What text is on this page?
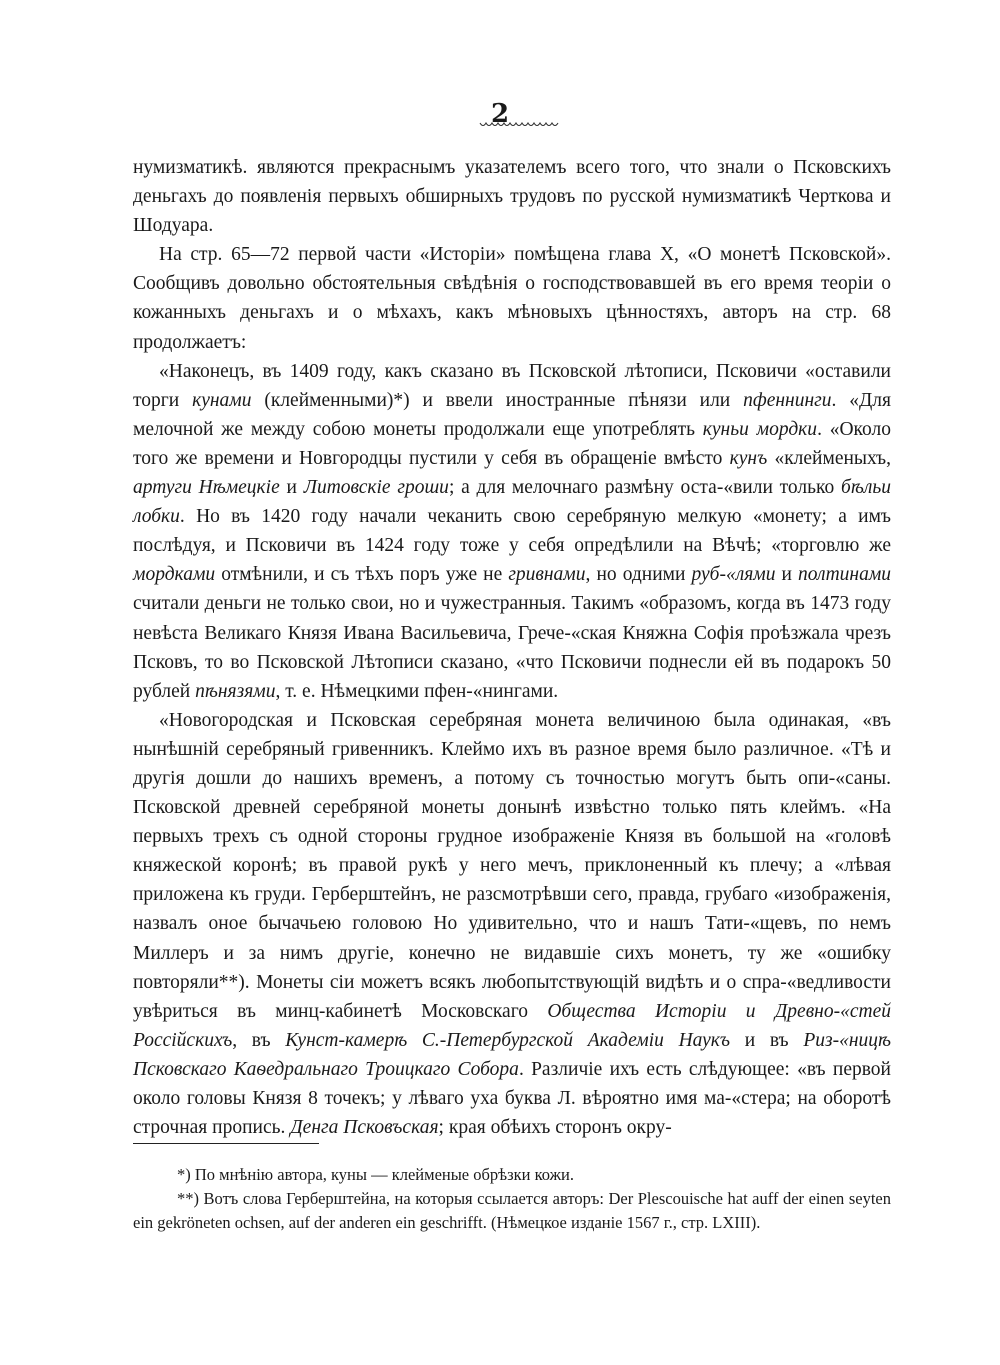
2

нумизматикѣ. являются прекраснымъ указателемъ всего того, что знали о Псковскихъ деньгахъ до появленія первыхъ обширныхъ трудовъ по русской нумизматикѣ Черткова и Шодуара.

На стр. 65—72 первой части «Исторіи» помѣщена глава X, «О монетѣ Псковской». Сообщивъ довольно обстоятельныя свѣдѣнія о господствовавшей въ его время теоріи о кожанныхъ деньгахъ и о мѣхахъ, какъ мѣновыхъ цѣнностяхъ, авторъ на стр. 68 продолжаетъ:

«Наконецъ, въ 1409 году, какъ сказано въ Псковской лѣтописи, Псковичи «оставили торги кунами (клейменными)*) и ввели иностранные пѣнязи или пфеннинги. «Для мелочной же между собою монеты продолжали еще употреблять куньи мордки. «Около того же времени и Новгородцы пустили у себя въ обращеніе вмѣсто кунъ «клейменыхъ, артуги Нѣмецкіе и Литовскіе гроши; а для мелочнаго размѣну оста-«вили только бѣльи лобки. Но въ 1420 году начали чеканить свою серебряную мелкую «монету; а имъ послѣдуя, и Псковичи въ 1424 году тоже у себя опредѣлили на Вѣчѣ; «торговлю же мордками отмѣнили, и съ тѣхъ поръ уже не гривнами, но одними руб-«лями и полтинами считали деньги не только свои, но и чужестранныя. Такимъ «образомъ, когда въ 1473 году невѣста Великаго Князя Ивана Васильевича, Грече-«ская Княжна Софія проѣзжала чрезъ Псковъ, то во Псковской Лѣтописи сказано, «что Псковичи поднесли ей въ подарокъ 50 рублей пѣнязями, т. е. Нѣмецкими пфен-«нингами.

«Новогородская и Псковская серебряная монета величиною была одинакая, «въ нынѣшній серебряный гривенникъ. Клеймо ихъ въ разное время было различное. «Тѣ и другія дошли до нашихъ временъ, а потому съ точностью могутъ быть опи-«саны. Псковской древней серебряной монеты донынѣ извѣстно только пять клеймъ. «На первыхъ трехъ съ одной стороны грудное изображеніе Князя въ большой на «головѣ княжеской коронѣ; въ правой рукѣ у него мечъ, приклоненный къ плечу; а «лѣвая приложена къ груди. Герберштейнъ, не разсмотрѣвши сего, правда, грубаго «изображенія, назвалъ оное бычачьею головою Но удивительно, что и нашъ Тати-«щевъ, по немъ Миллеръ и за нимъ другіе, конечно не видавшіе сихъ монетъ, ту же «ошибку повторяли**). Монеты сіи можетъ всякъ любопытствующій видѣть и о спра-«ведливости увѣриться въ минц-кабинетѣ Московскаго Общества Исторіи и Древно-«стей Россійскихъ, въ Кунст-камерѣ С.-Петербургской Академіи Наукъ и въ Риз-«ницѣ Псковскаго Каѳедральнаго Троицкаго Собора. Различіе ихъ есть слѣдующее: «въ первой около головы Князя 8 точекъ; у лѣваго уха буква Л. вѣроятно имя ма-«стера; на оборотѣ строчная пропись. Денга Псковъская; края обѣихъ сторонъ окру-

*) По мнѣнію автора, куны — клейменые обрѣзки кожи.

**) Вотъ слова Герберштейна, на которыя ссылается авторъ: Der Plescouische hat auff der einen seyten ein gekröneten ochsen, auf der anderen ein geschrifft. (Нѣмецкое изданіе 1567 г., стр. LXIII).
